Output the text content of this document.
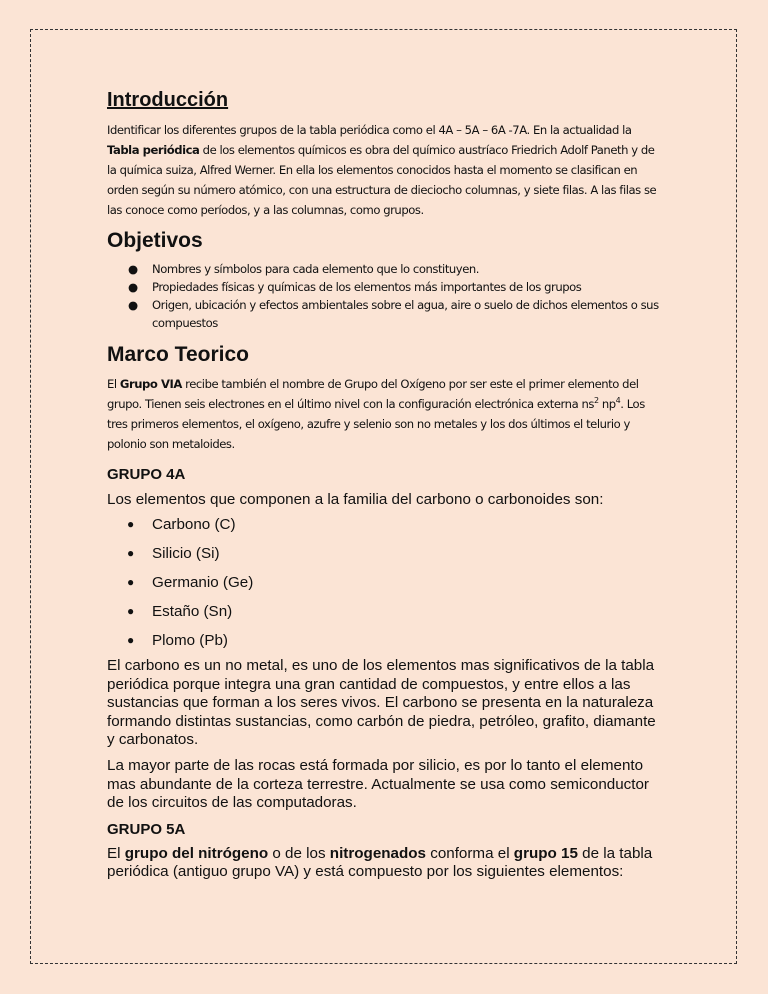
Introducción

Identificar los diferentes grupos de la tabla periódica como el 4A – 5A – 6A -7A. En la actualidad la
Tabla periódica de los elementos químicos es obra del químico austríaco Friedrich Adolf Paneth y de la química suiza, Alfred Werner. En ella los elementos conocidos hasta el momento se clasifican en orden según su número atómico, con una estructura de dieciocho columnas, y siete filas. A las filas se las conoce como períodos, y a las columnas, como grupos.

Objetivos
● Nombres y símbolos para cada elemento que lo constituyen.
● Propiedades físicas y químicas de los elementos más importantes de los grupos
● Origen, ubicación y efectos ambientales sobre el agua, aire o suelo de dichos elementos o sus compuestos
Marco Teorico

El Grupo VIA recibe también el nombre de Grupo del Oxígeno por ser este el primer elemento del grupo. Tienen seis electrones en el último nivel con la configuración electrónica externa $ns^2$ $np^4$. Los tres primeros elementos, el oxígeno, azufre y selenio son no metales y los dos últimos el telurio y polonio son metaloides.

GRUPO 4A

Los elementos que componen a la familia del carbono o carbonoides son:

● Carbono (C)
● Silicio (Si)
● Germanio (Ge)
● Estaño (Sn)
● Plomo (Pb)

El carbono es un no metal, es uno de los elementos mas significativos de la tabla periódica porque integra una gran cantidad de compuestos, y entre ellos a las sustancias que forman a los seres vivos. El carbono se presenta en la naturaleza formando distintas sustancias, como carbón de piedra, petróleo, grafito, diamante y carbonatos.

La mayor parte de las rocas está formada por silicio, es por lo tanto el elemento mas abundante de la corteza terrestre. Actualmente se usa como semiconductor de los circuitos de las computadoras.

GRUPO 5A

El grupo del nitrógeno o de los nitrogenados conforma el grupo 15 de la tabla periódica (antiguo grupo VA) y está compuesto por los siguientes elementos:
